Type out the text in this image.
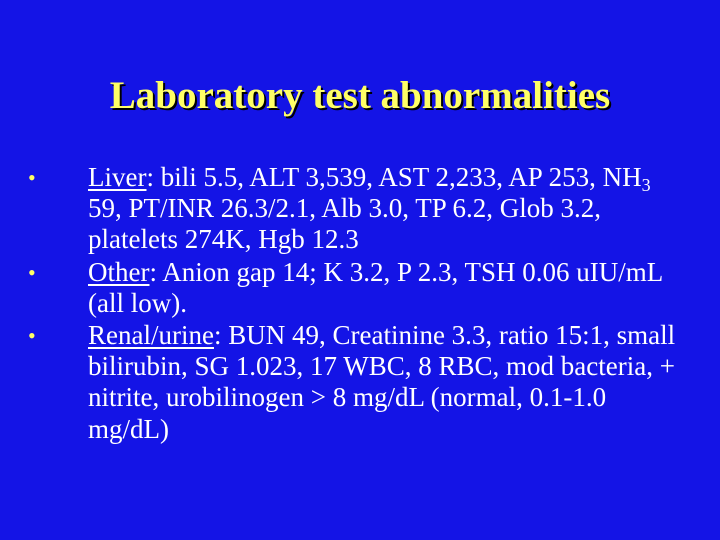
Laboratory test abnormalities
• Liver: bili 5.5, ALT 3,539, AST 2,233, AP 253, $NH_3$ 59, PT/INR 26.3/2.1, Alb 3.0, TP 6.2, Glob 3.2, platelets 274K, Hgb 12.3
• Other: Anion gap 14; K 3.2, P 2.3, TSH 0.06 uIU/mL (all low).
• Renal/urine: BUN 49, Creatinine 3.3, ratio 15:1, small bilirubin, SG 1.023, 17 WBC, 8 RBC, mod bacteria, + nitrite, urobilinogen > 8 mg/dL (normal, 0.1-1.0 mg/dL)
